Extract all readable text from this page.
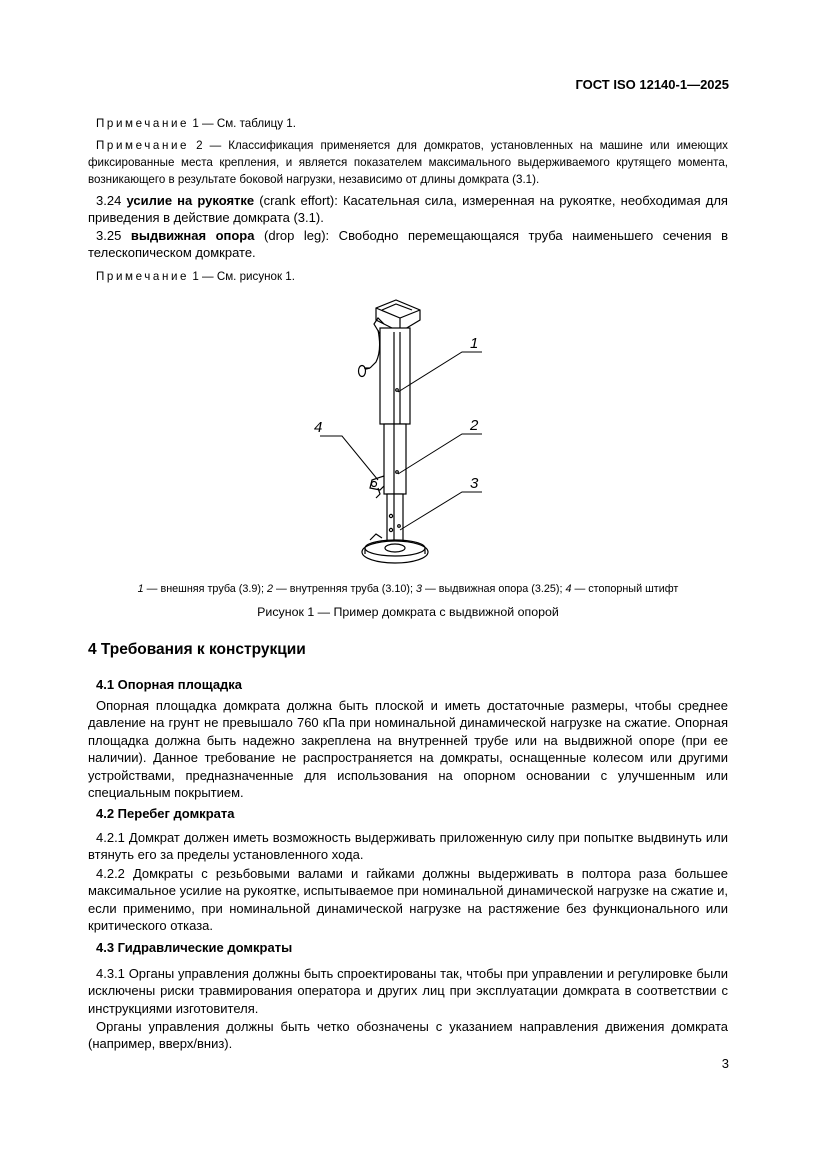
ГОСТ ISO 12140-1—2025

Примечание 1 — См. таблицу 1.

Примечание 2 — Классификация применяется для домкратов, установленных на машине или имеющих фиксированные места крепления, и является показателем максимального выдерживаемого крутящего момента, возникающего в результате боковой нагрузки, независимо от длины домкрата (3.1).

3.24 усилие на рукоятке (crank effort): Касательная сила, измеренная на рукоятке, необходимая для приведения в действие домкрата (3.1).

3.25 выдвижная опора (drop leg): Свободно перемещающаяся труба наименьшего сечения в телескопическом домкрате.

Примечание 1 — См. рисунок 1.

1
2
3
4
1 — внешняя труба (3.9); 2 — внутренняя труба (3.10); 3 — выдвижная опора (3.25); 4 — стопорный штифт
Рисунок 1 — Пример домкрата с выдвижной опорой

4 Требования к конструкции

4.1 Опорная площадка

Опорная площадка домкрата должна быть плоской и иметь достаточные размеры, чтобы среднее давление на грунт не превышало 760 кПа при номинальной динамической нагрузке на сжатие. Опорная площадка должна быть надежно закреплена на внутренней трубе или на выдвижной опоре (при ее наличии). Данное требование не распространяется на домкраты, оснащенные колесом или другими устройствами, предназначенные для использования на опорном основании с улучшенным или специальным покрытием.

4.2 Перебег домкрата

4.2.1 Домкрат должен иметь возможность выдерживать приложенную силу при попытке выдвинуть или втянуть его за пределы установленного хода.

4.2.2 Домкраты с резьбовыми валами и гайками должны выдерживать в полтора раза большее максимальное усилие на рукоятке, испытываемое при номинальной динамической нагрузке на сжатие и, если применимо, при номинальной динамической нагрузке на растяжение без функционального или критического отказа.

4.3 Гидравлические домкраты

4.3.1 Органы управления должны быть спроектированы так, чтобы при управлении и регулировке были исключены риски травмирования оператора и других лиц при эксплуатации домкрата в соответствии с инструкциями изготовителя.

Органы управления должны быть четко обозначены с указанием направления движения домкрата (например, вверх/вниз).

3
